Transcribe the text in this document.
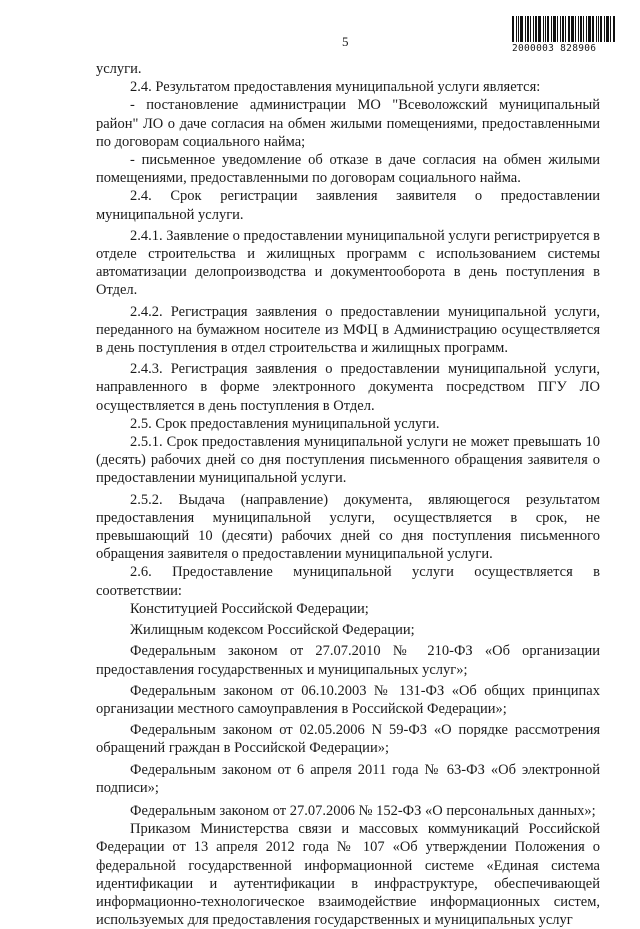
5	2000003 828906

услуги.

2.4. Результатом предоставления муниципальной услуги является:

- постановление администрации МО "Всеволожский муниципальный район" ЛО о даче согласия на обмен жилыми помещениями, предоставленными по договорам социального найма;

- письменное уведомление об отказе в даче согласия на обмен жилыми помещениями, предоставленными по договорам социального найма.

2.4. Срок регистрации заявления заявителя о предоставлении муниципальной услуги.

2.4.1. Заявление о предоставлении муниципальной услуги регистрируется в отделе строительства и жилищных программ с использованием системы автоматизации делопроизводства и документооборота в день поступления в Отдел.

2.4.2. Регистрация заявления о предоставлении муниципальной услуги, переданного на бумажном носителе из МФЦ в Администрацию осуществляется в день поступления в отдел строительства и жилищных программ.

2.4.3. Регистрация заявления о предоставлении муниципальной услуги, направленного в форме электронного документа посредством ПГУ ЛО осуществляется в день поступления в Отдел.

2.5. Срок предоставления муниципальной услуги.

2.5.1. Срок предоставления муниципальной услуги не может превышать 10 (десять) рабочих дней со дня поступления письменного обращения заявителя о предоставлении муниципальной услуги.

2.5.2. Выдача (направление) документа, являющегося результатом предоставления муниципальной услуги, осуществляется в срок, не превышающий 10 (десяти) рабочих дней со дня поступления письменного обращения заявителя о предоставлении муниципальной услуги.

2.6. Предоставление муниципальной услуги осуществляется в соответствии:

Конституцией Российской Федерации;

Жилищным кодексом Российской Федерации;

Федеральным законом от 27.07.2010 № 210-ФЗ «Об организации предоставления государственных и муниципальных услуг»;

Федеральным законом от 06.10.2003 № 131-ФЗ «Об общих принципах организации местного самоуправления в Российской Федерации»;

Федеральным законом от 02.05.2006 N 59-ФЗ «О порядке рассмотрения обращений граждан в Российской Федерации»;

Федеральным законом от 6 апреля 2011 года № 63-ФЗ «Об электронной подписи»;

Федеральным законом от 27.07.2006 № 152-ФЗ «О персональных данных»;

Приказом Министерства связи и массовых коммуникаций Российской Федерации от 13 апреля 2012 года № 107 «Об утверждении Положения о федеральной государственной информационной системе «Единая система идентификации и аутентификации в инфраструктуре, обеспечивающей информационно-технологическое взаимодействие информационных систем, используемых для предоставления государственных и муниципальных услуг
